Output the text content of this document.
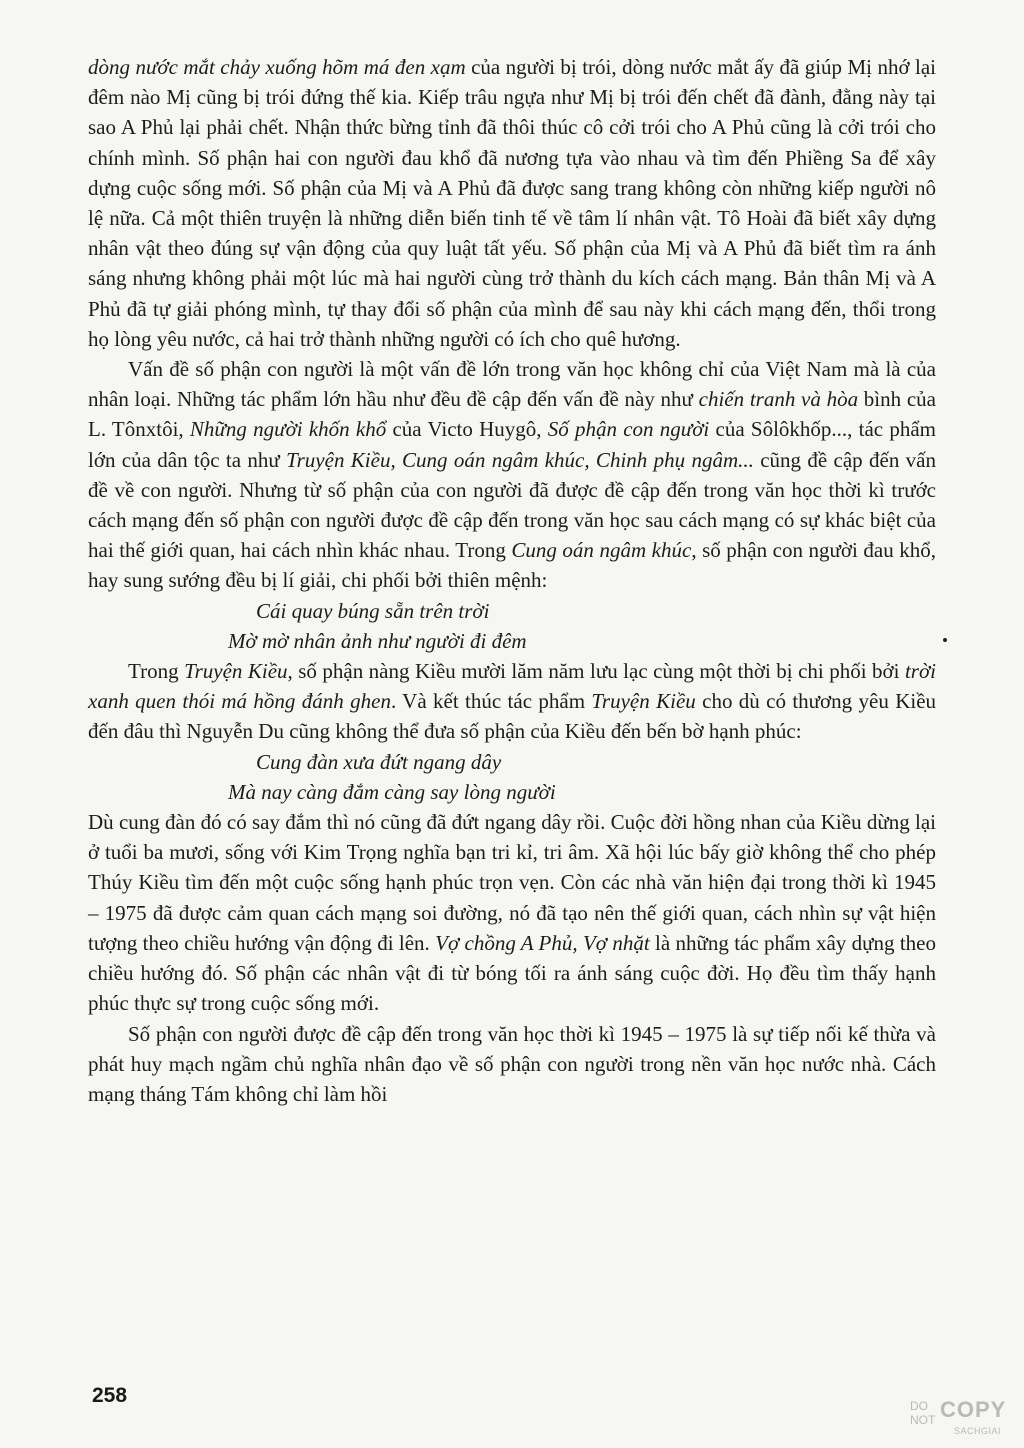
dòng nước mắt chảy xuống hõm má đen xạm của người bị trói, dòng nước mắt ấy đã giúp Mị nhớ lại đêm nào Mị cũng bị trói đứng thế kia. Kiếp trâu ngựa như Mị bị trói đến chết đã đành, đằng này tại sao A Phủ lại phải chết. Nhận thức bừng tỉnh đã thôi thúc cô cởi trói cho A Phủ cũng là cởi trói cho chính mình. Số phận hai con người đau khổ đã nương tựa vào nhau và tìm đến Phiềng Sa để xây dựng cuộc sống mới. Số phận của Mị và A Phủ đã được sang trang không còn những kiếp người nô lệ nữa. Cả một thiên truyện là những diễn biến tinh tế về tâm lí nhân vật. Tô Hoài đã biết xây dựng nhân vật theo đúng sự vận động của quy luật tất yếu. Số phận của Mị và A Phủ đã biết tìm ra ánh sáng nhưng không phải một lúc mà hai người cùng trở thành du kích cách mạng. Bản thân Mị và A Phủ đã tự giải phóng mình, tự thay đổi số phận của mình để sau này khi cách mạng đến, thổi trong họ lòng yêu nước, cả hai trở thành những người có ích cho quê hương.

Vấn đề số phận con người là một vấn đề lớn trong văn học không chỉ của Việt Nam mà là của nhân loại. Những tác phẩm lớn hầu như đều đề cập đến vấn đề này như chiến tranh và hòa bình của L. Tônxtôi, Những người khốn khổ của Victo Huygô, Số phận con người của Sôlôkhốp..., tác phẩm lớn của dân tộc ta như Truyện Kiều, Cung oán ngâm khúc, Chinh phụ ngâm... cũng đề cập đến vấn đề về con người. Nhưng từ số phận của con người đã được đề cập đến trong văn học thời kì trước cách mạng đến số phận con người được đề cập đến trong văn học sau cách mạng có sự khác biệt của hai thế giới quan, hai cách nhìn khác nhau. Trong Cung oán ngâm khúc, số phận con người đau khổ, hay sung sướng đều bị lí giải, chi phối bởi thiên mệnh:

Cái quay búng sẵn trên trời
Mờ mờ nhân ảnh như người đi đêm

Trong Truyện Kiều, số phận nàng Kiều mười lăm năm lưu lạc cùng một thời bị chi phối bởi trời xanh quen thói má hồng đánh ghen. Và kết thúc tác phẩm Truyện Kiều cho dù có thương yêu Kiều đến đâu thì Nguyễn Du cũng không thể đưa số phận của Kiều đến bến bờ hạnh phúc:

Cung đàn xưa đứt ngang dây
Mà nay càng đắm càng say lòng người

Dù cung đàn đó có say đắm thì nó cũng đã đứt ngang dây rồi. Cuộc đời hồng nhan của Kiều dừng lại ở tuổi ba mươi, sống với Kim Trọng nghĩa bạn tri kỉ, tri âm. Xã hội lúc bấy giờ không thể cho phép Thúy Kiều tìm đến một cuộc sống hạnh phúc trọn vẹn. Còn các nhà văn hiện đại trong thời kì 1945 – 1975 đã được cảm quan cách mạng soi đường, nó đã tạo nên thế giới quan, cách nhìn sự vật hiện tượng theo chiều hướng vận động đi lên. Vợ chồng A Phủ, Vợ nhặt là những tác phẩm xây dựng theo chiều hướng đó. Số phận các nhân vật đi từ bóng tối ra ánh sáng cuộc đời. Họ đều tìm thấy hạnh phúc thực sự trong cuộc sống mới.

Số phận con người được đề cập đến trong văn học thời kì 1945 – 1975 là sự tiếp nối kế thừa và phát huy mạch ngầm chủ nghĩa nhân đạo về số phận con người trong nền văn học nước nhà. Cách mạng tháng Tám không chỉ làm hồi

258	DO
NOT COPY
SACHGIAI
